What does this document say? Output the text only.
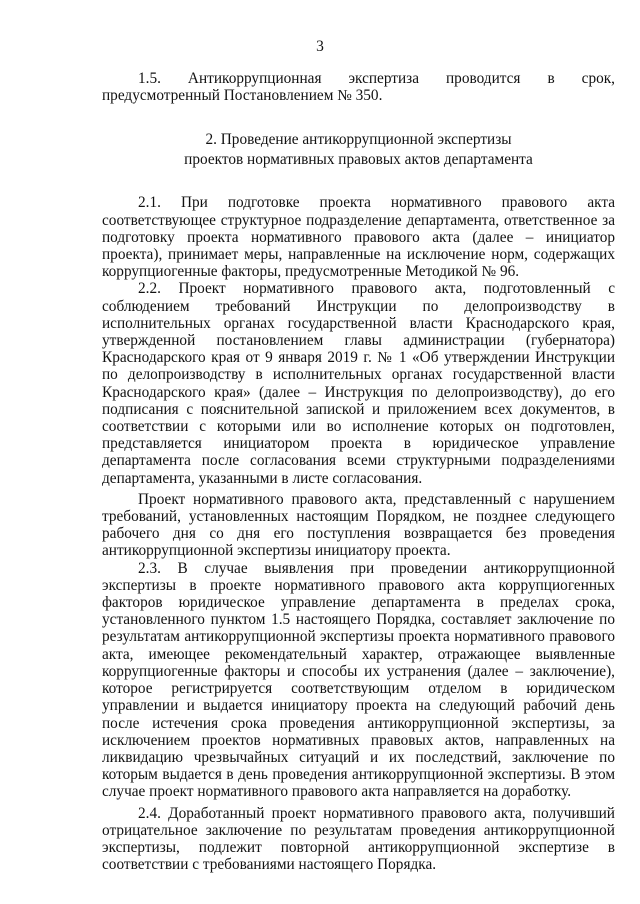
3

1.5. Антикоррупционная экспертиза проводится в срок, предусмотренный Постановлением № 350.

2. Проведение антикоррупционной экспертизы
проектов нормативных правовых актов департамента

2.1. При подготовке проекта нормативного правового акта соответствующее структурное подразделение департамента, ответственное за подготовку проекта нормативного правового акта (далее – инициатор проекта), принимает меры, направленные на исключение норм, содержащих коррупциогенные факторы, предусмотренные Методикой № 96.

2.2. Проект нормативного правового акта, подготовленный с соблюдением требований Инструкции по делопроизводству в исполнительных органах государственной власти Краснодарского края, утвержденной постановлением главы администрации (губернатора) Краснодарского края от 9 января 2019 г. № 1 «Об утверждении Инструкции по делопроизводству в исполнительных органах государственной власти Краснодарского края» (далее – Инструкция по делопроизводству), до его подписания с пояснительной запиской и приложением всех документов, в соответствии с которыми или во исполнение которых он подготовлен, представляется инициатором проекта в юридическое управление департамента после согласования всеми структурными подразделениями департамента, указанными в листе согласования.

Проект нормативного правового акта, представленный с нарушением требований, установленных настоящим Порядком, не позднее следующего рабочего дня со дня его поступления возвращается без проведения антикоррупционной экспертизы инициатору проекта.

2.3. В случае выявления при проведении антикоррупционной экспертизы в проекте нормативного правового акта коррупциогенных факторов юридическое управление департамента в пределах срока, установленного пунктом 1.5 настоящего Порядка, составляет заключение по результатам антикоррупционной экспертизы проекта нормативного правового акта, имеющее рекомендательный характер, отражающее выявленные коррупциогенные факторы и способы их устранения (далее – заключение), которое регистрируется соответствующим отделом в юридическом управлении и выдается инициатору проекта на следующий рабочий день после истечения срока проведения антикоррупционной экспертизы, за исключением проектов нормативных правовых актов, направленных на ликвидацию чрезвычайных ситуаций и их последствий, заключение по которым выдается в день проведения антикоррупционной экспертизы. В этом случае проект нормативного правового акта направляется на доработку.

2.4. Доработанный проект нормативного правового акта, получивший отрицательное заключение по результатам проведения антикоррупционной экспертизы, подлежит повторной антикоррупционной экспертизе в соответствии с требованиями настоящего Порядка.
